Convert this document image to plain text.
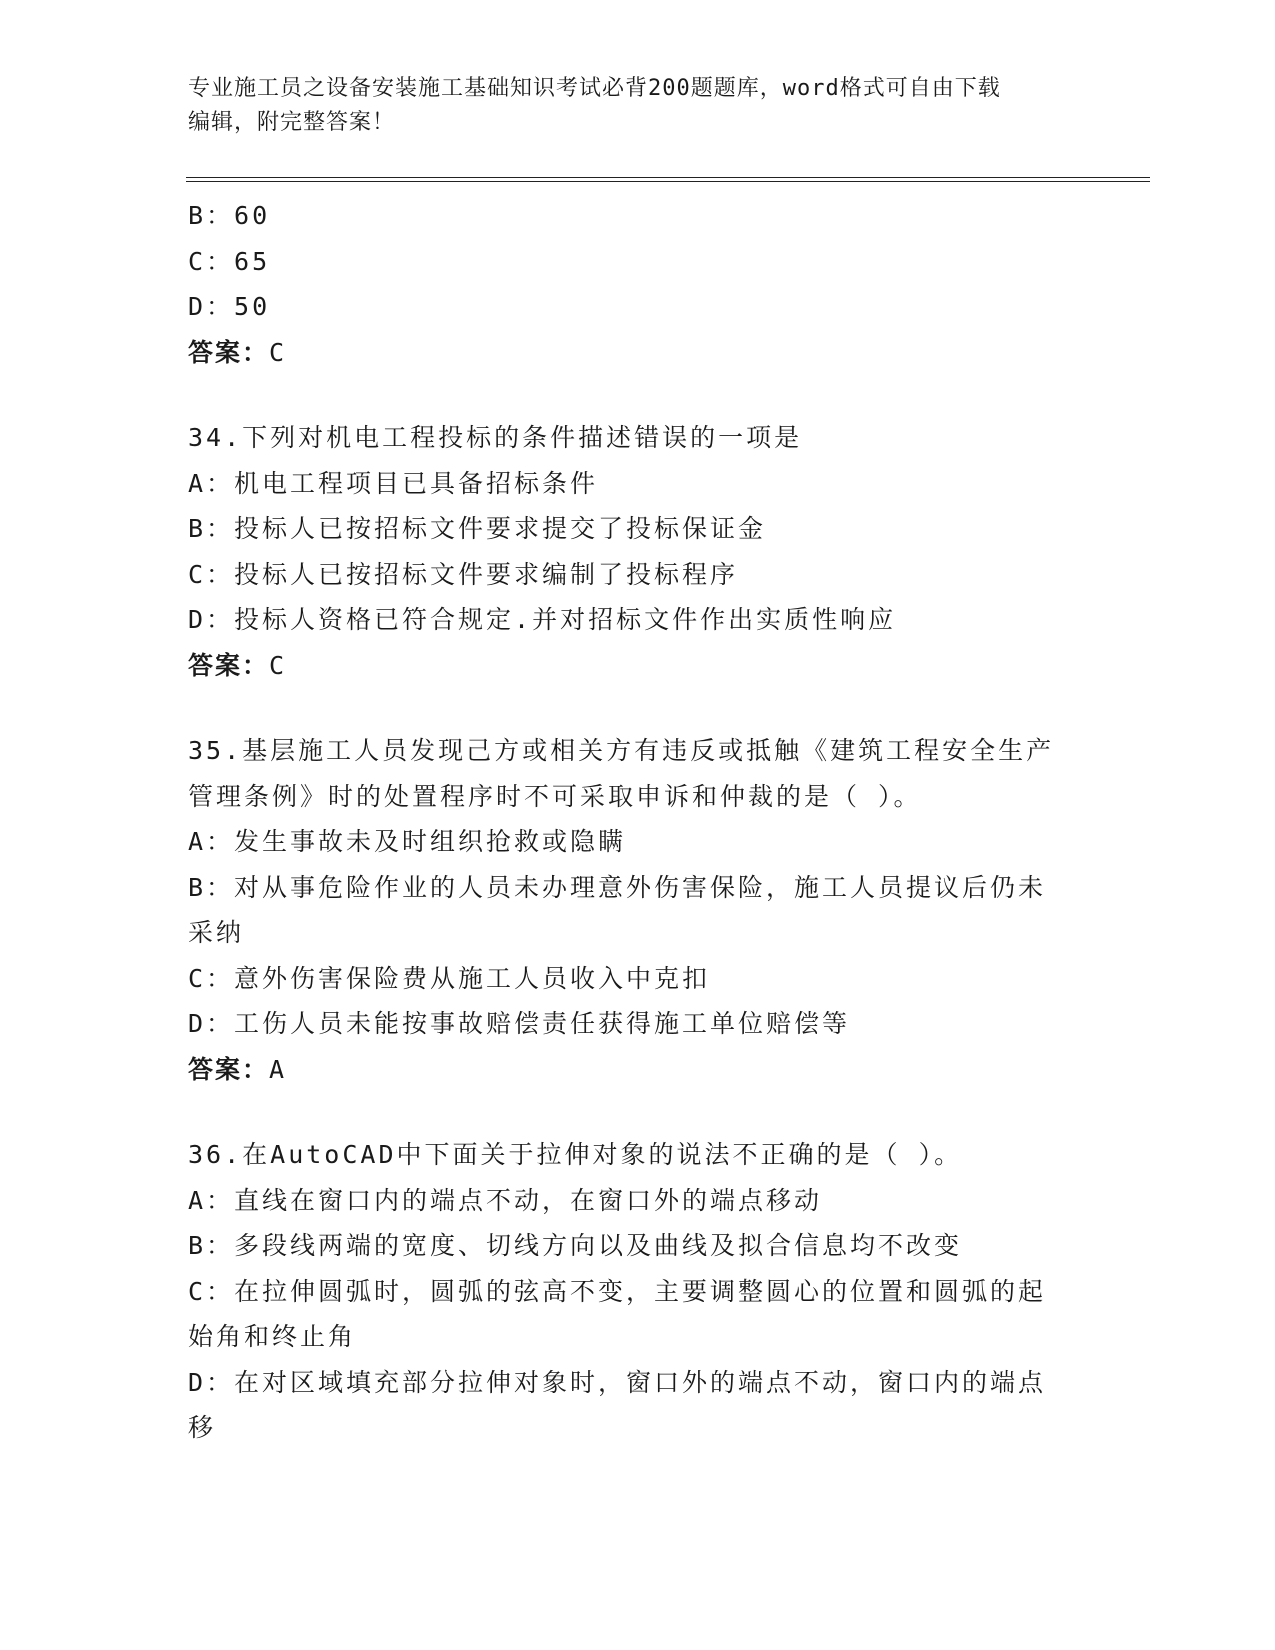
专业施工员之设备安装施工基础知识考试必背200题题库，word格式可自由下载
编辑，附完整答案！
B：60
C：65
D：50
答案：C
34.下列对机电工程投标的条件描述错误的一项是
A：机电工程项目已具备招标条件
B：投标人已按招标文件要求提交了投标保证金
C：投标人已按招标文件要求编制了投标程序
D：投标人资格已符合规定.并对招标文件作出实质性响应
答案：C
35.基层施工人员发现己方或相关方有违反或抵触《建筑工程安全生产
管理条例》时的处置程序时不可采取申诉和仲裁的是（ ）。
A：发生事故未及时组织抢救或隐瞒
B：对从事危险作业的人员未办理意外伤害保险，施工人员提议后仍未
采纳
C：意外伤害保险费从施工人员收入中克扣
D：工伤人员未能按事故赔偿责任获得施工单位赔偿等
答案：A
36.在AutoCAD中下面关于拉伸对象的说法不正确的是（ ）。
A：直线在窗口内的端点不动，在窗口外的端点移动
B：多段线两端的宽度、切线方向以及曲线及拟合信息均不改变
C：在拉伸圆弧时，圆弧的弦高不变，主要调整圆心的位置和圆弧的起
始角和终止角
D：在对区域填充部分拉伸对象时，窗口外的端点不动，窗口内的端点
移
